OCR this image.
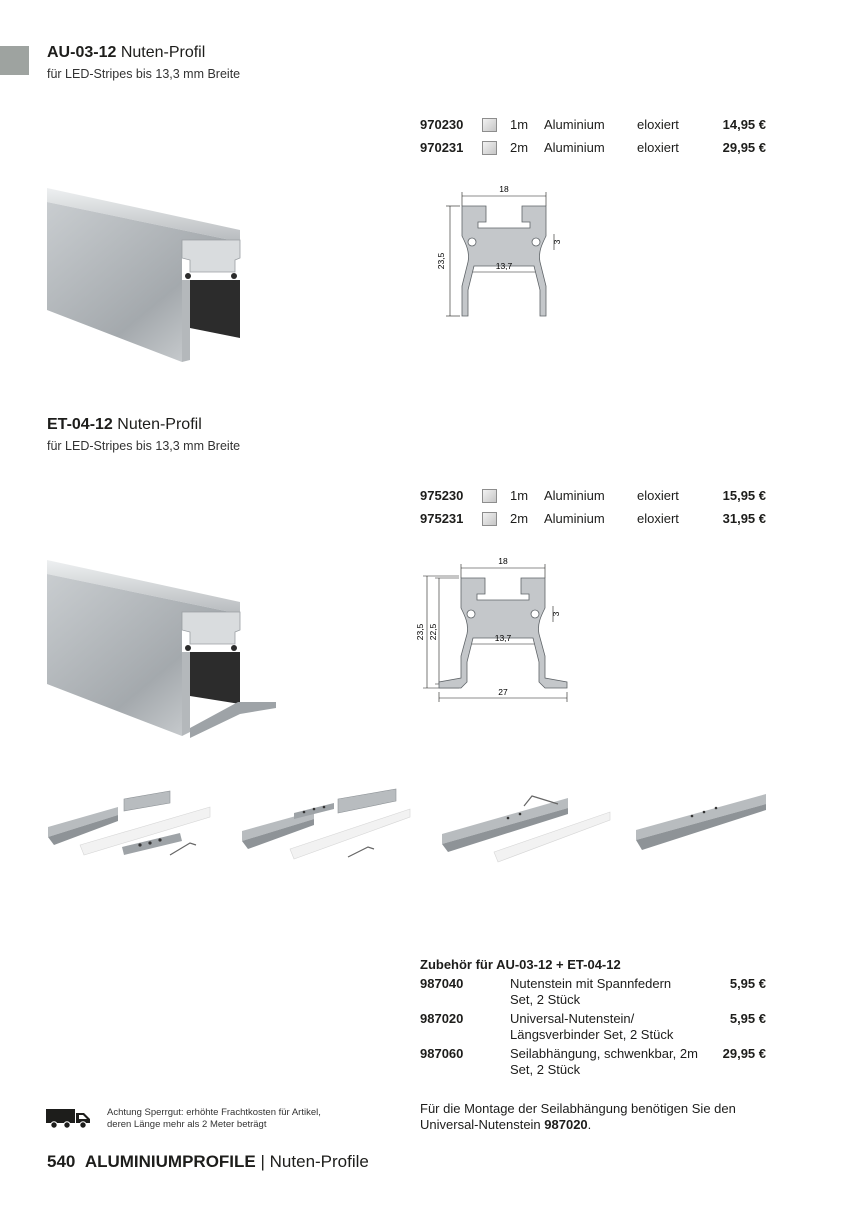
AU-03-12 Nuten-Profil
für LED-Stripes bis 13,3 mm Breite
970230		1m	Aluminium	eloxiert	14,95 €
970231		2m	Aluminium	eloxiert	29,95 €
18
23,5	13,7
3
ET-04-12 Nuten-Profil
für LED-Stripes bis 13,3 mm Breite
975230		1m	Aluminium	eloxiert	15,95 €
975231		2m	Aluminium	eloxiert	31,95 €
18
23,5 22,5	13,7
3
27
Zubehör für AU-03-12 + ET-04-12
987040	Nutenstein mit Spannfedern
Set, 2 Stück	5,95 €
987020	Universal-Nutenstein/
Längsverbinder Set, 2 Stück	5,95 €
987060	Seilabhängung, schwenkbar, 2m
Set, 2 Stück	29,95 €
Für die Montage der Seilabhängung benötigen Sie den Universal-Nutenstein 987020.
Achtung Sperrgut: erhöhte Frachtkosten für Artikel,
deren Länge mehr als 2 Meter beträgt
540 ALUMINIUMPROFILE | Nuten-Profile
